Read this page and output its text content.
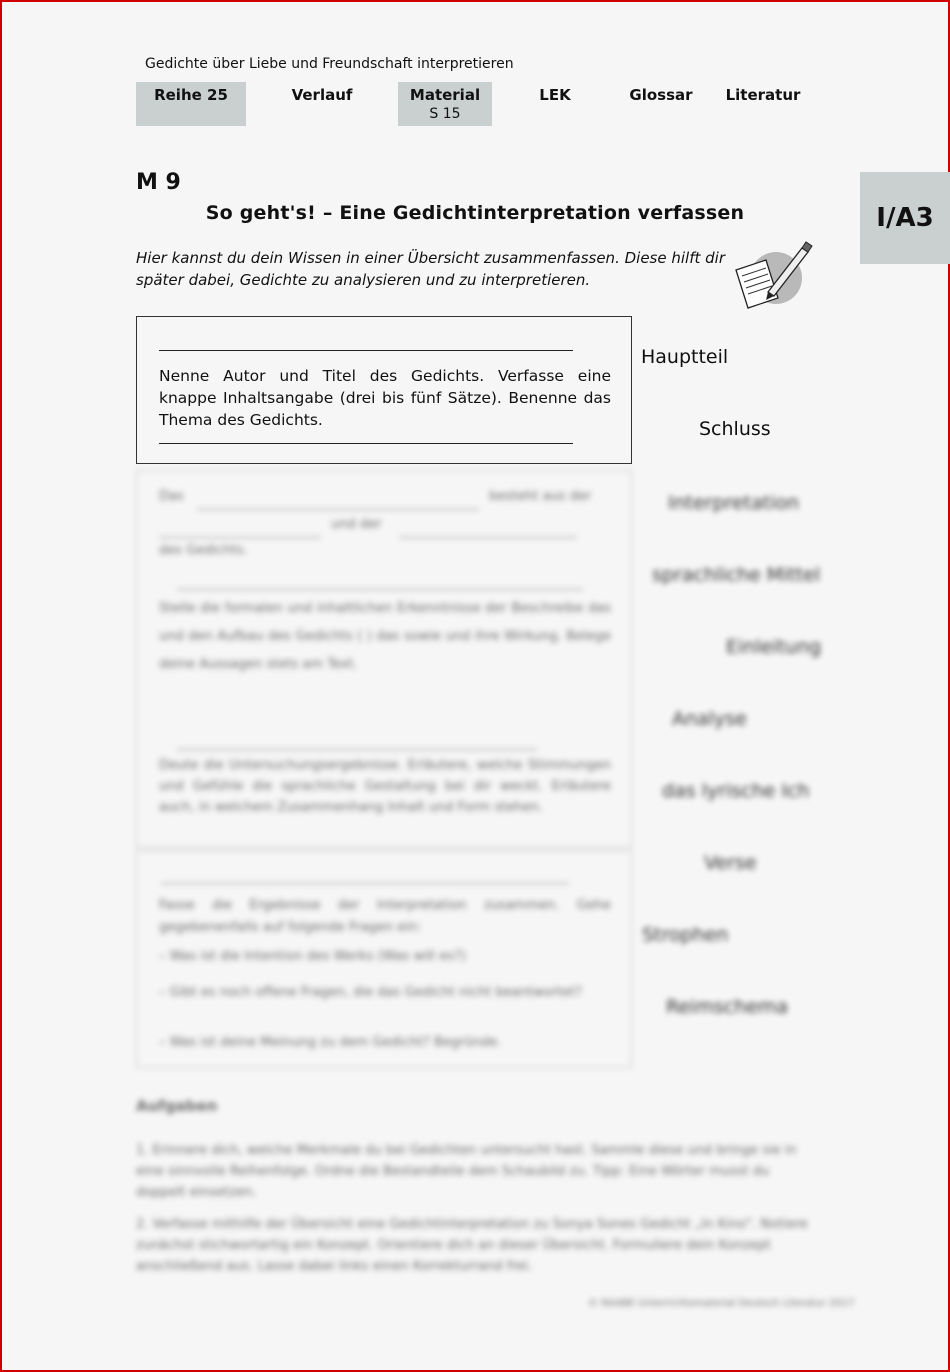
Gedichte über Liebe und Freundschaft interpretieren
Reihe 25	Verlauf	Material
S 15
LEK	Glossar	Literatur
M 9
So geht's! – Eine Gedichtinterpretation verfassen	I/A3
Hier kannst du dein Wissen in einer Übersicht zusammenfassen. Diese hilft dir später dabei, Gedichte zu analysieren und zu interpretieren.
Nenne Autor und Titel des Gedichts. Verfasse eine knappe Inhaltsangabe (drei bis fünf Sätze). Benenne das Thema des Gedichts.
Hauptteil
Schluss
Interpretation
sprachliche Mittel
Einleitung
Analyse
das lyrische Ich
Verse
Strophen
Reimschema
Das	besteht aus der
und der
des Gedichts.
Stelle die formalen und inhaltlichen Erkenntnisse der Beschreibe das und den Aufbau des Gedichts ( ) das sowie und ihre Wirkung. Belege deine Aussagen stets am Text.
Deute die Untersuchungsergebnisse. Erläutere, welche Stimmungen und Gefühle die sprachliche Gestaltung bei dir weckt. Erläutere auch, in welchem Zusammenhang Inhalt und Form stehen.
Fasse die Ergebnisse der Interpretation zusammen. Gehe gegebenenfalls auf folgende Fragen ein:
– Was ist die Intention des Werks (Was will es?)
– Gibt es noch offene Fragen, die das Gedicht nicht beantwortet?
– Was ist deine Meinung zu dem Gedicht? Begründe.
Aufgaben
1. Erinnere dich, welche Merkmale du bei Gedichten untersucht hast. Sammle diese und bringe sie in eine sinnvolle Reihenfolge. Ordne die Bestandteile dem Schaubild zu. Tipp: Eine Wörter musst du doppelt einsetzen.
2. Verfasse mithilfe der Übersicht eine Gedichtinterpretation zu Sonya Sones Gedicht „In Kino". Notiere zunächst stichwortartig ein Konzept. Orientiere dich an dieser Übersicht. Formuliere dein Konzept anschließend aus. Lasse dabei links einen Korrekturrand frei.
© RAABE Unterrichtsmaterial Deutsch Literatur 2017
